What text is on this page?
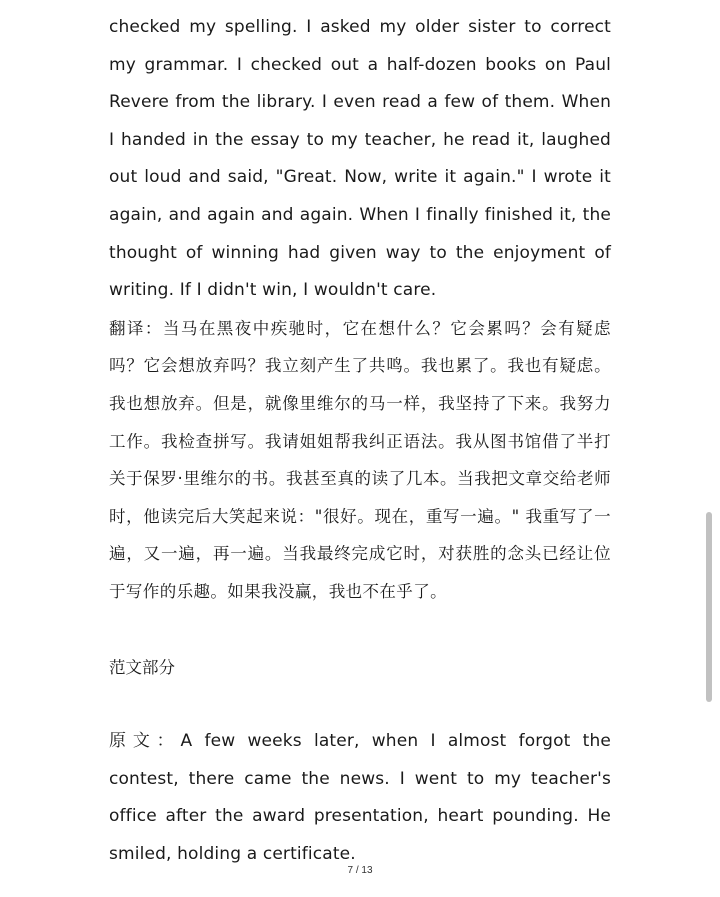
checked my spelling. I asked my older sister to correct my grammar. I checked out a half-dozen books on Paul Revere from the library. I even read a few of them. When I handed in the essay to my teacher, he read it, laughed out loud and said, "Great. Now, write it again." I wrote it again, and again and again. When I finally finished it, the thought of winning had given way to the enjoyment of writing. If I didn't win, I wouldn't care.

翻译：当马在黑夜中疾驰时，它在想什么？它会累吗？会有疑虑吗？它会想放弃吗？我立刻产生了共鸣。我也累了。我也有疑虑。我也想放弃。但是，就像里维尔的马一样，我坚持了下来。我努力工作。我检查拼写。我请姐姐帮我纠正语法。我从图书馆借了半打关于保罗·里维尔的书。我甚至真的读了几本。当我把文章交给老师时，他读完后大笑起来说："很好。现在，重写一遍。" 我重写了一遍，又一遍，再一遍。当我最终完成它时，对获胜的念头已经让位于写作的乐趣。如果我没赢，我也不在乎了。

范文部分

原文：A few weeks later, when I almost forgot the contest, there came the news. I went to my teacher's office after the award presentation, heart pounding. He smiled, holding a certificate.

7 / 13
